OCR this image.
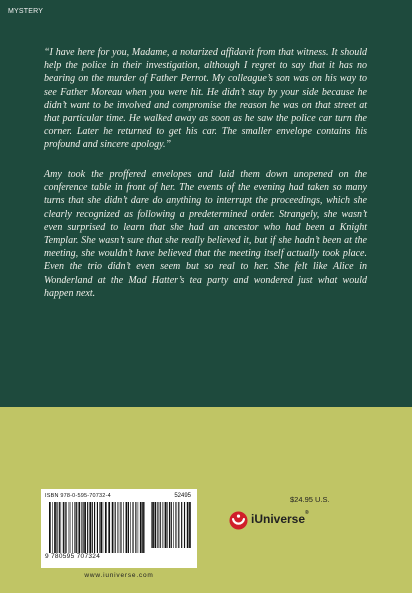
MYSTERY
“I have here for you, Madame, a notarized affidavit from that witness. It should help the police in their investigation, although I regret to say that it has no bearing on the murder of Father Perrot. My colleague’s son was on his way to see Father Moreau when you were hit. He didn’t stay by your side because he didn’t want to be involved and compromise the reason he was on that street at that particular time. He walked away as soon as he saw the police car turn the corner. Later he returned to get his car. The smaller envelope contains his profound and sincere apology.”
Amy took the proffered envelopes and laid them down unopened on the conference table in front of her. The events of the evening had taken so many turns that she didn’t dare do anything to interrupt the proceedings, which she clearly recognized as following a predetermined order. Strangely, she wasn’t even surprised to learn that she had an ancestor who had been a Knight Templar. She wasn’t sure that she really believed it, but if she hadn’t been at the meeting, she wouldn’t have believed that the meeting itself actually took place. Even the trio didn’t even seem but so real to her. She felt like Alice in Wonderland at the Mad Hatter’s tea party and wondered just what would happen next.
ISBN 978-0-595-70732-4	52495
9 780595 707324
www.iuniverse.com
$24.95 U.S.
iUniverse®
